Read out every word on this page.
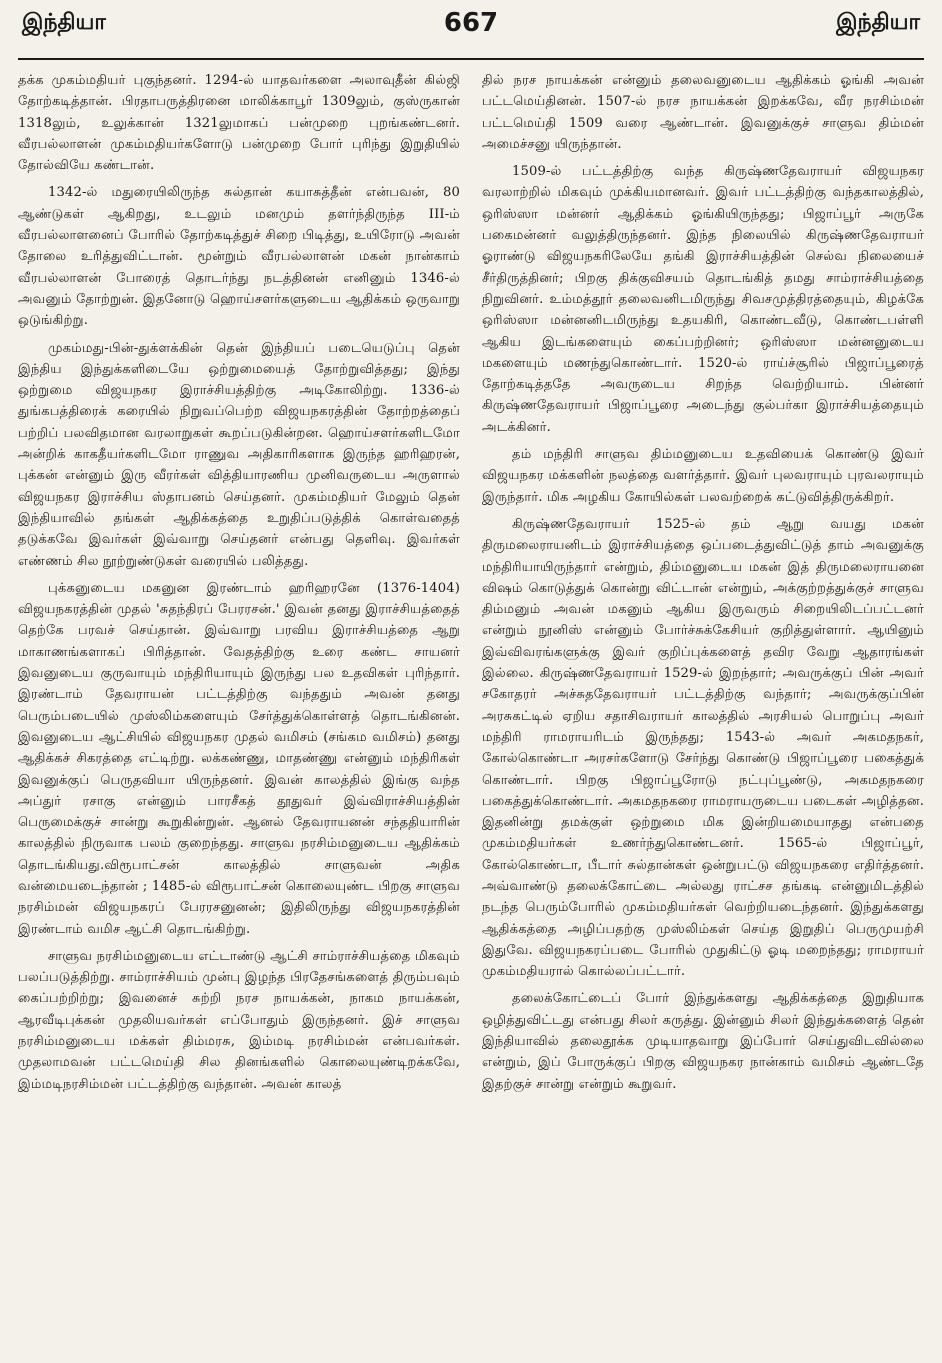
இந்தியா	667	இந்தியா

தக்க முகம்மதியர் புகுந்தனர். 1294-ல் யாதவர்களை அலாவுதீன் கில்ஜி தோற்கடித்தான். பிரதாபருத்திரனை மாலிக்காபூர் 1309லும், குஸ்ருகான் 1318லும், உலுக்கான் 1321லுமாகப் பன்முறை புறங்கண்டனர். வீரபல்லாளன் முகம்மதியர்களோடு பன்முறை போர் புரிந்து இறுதியில் தோல்வியே கண்டான்.

1342-ல் மதுரையிலிருந்த சுல்தான் கயாசுத்தீன் என்பவன், 80 ஆண்டுகள் ஆகிறது, உடலும் மனமும் தளர்ந்திருந்த III-ம் வீரபல்லாளனைப் போரில் தோற்கடித்துச் சிறை பிடித்து, உயிரோடு அவன் தோலை உரித்துவிட்டான். மூன்றும் வீரபல்லாளன் மகன் நான்காம் வீரபல்லாளன் போரைத் தொடர்ந்து நடத்தினன் எனினும் 1346-ல் அவனும் தோற்றுன். இதனோடு ஹொய்சளர்களுடைய ஆதிக்கம் ஒருவாறு ஒடுங்கிற்று.

முகம்மது-பின்-துக்ளக்கின் தென் இந்தியப் படையெடுப்பு தென் இந்திய இந்துக்களிடையே ஒற்றுமையைத் தோற்றுவித்தது; இந்து ஒற்றுமை விஜயநகர இராச்சியத்திற்கு அடிகோலிற்று. 1336-ல் துங்கபத்திரைக் கரையில் நிறுவப்பெற்ற விஜயநகரத்தின் தோற்றத்தைப் பற்றிப் பலவிதமான வரலாறுகள் கூறப்படுகின்றன. ஹொய்சளர்களிடமோ அன்றிக் காகதீயர்களிடமோ ராணுவ அதிகாரிகளாக இருந்த ஹரிஹரன், புக்கன் என்னும் இரு வீரர்கள் வித்தியாரணிய முனிவருடைய அருளால் விஜயநகர இராச்சிய ஸ்தாபனம் செய்தனர். முகம்மதியர் மேலும் தென் இந்தியாவில் தங்கள் ஆதிக்கத்தை உறுதிப்படுத்திக் கொள்வதைத் தடுக்கவே இவர்கள் இவ்வாறு செய்தனர் என்பது தெளிவு. இவர்கள் எண்ணம் சில நூற்றுண்டுகள் வரையில் பலித்தது.

புக்கனுடைய மகனுன இரண்டாம் ஹரிஹரனே (1376-1404) விஜயநகரத்தின் முதல் 'சுதந்திரப் பேரரசன்.' இவன் தனது இராச்சியத்தைத் தெற்கே பரவச் செய்தான். இவ்வாறு பரவிய இராச்சியத்தை ஆறு மாகாணங்களாகப் பிரித்தான். வேதத்திற்கு உரை கண்ட சாயனர் இவனுடைய குருவாயும் மந்திரியாயும் இருந்து பல உதவிகள் புரிந்தார். இரண்டாம் தேவராயன் பட்டத்திற்கு வந்ததும் அவன் தனது பெரும்படையில் முஸ்லிம்களையும் சேர்த்துக்கொள்ளத் தொடங்கினன். இவனுடைய ஆட்சியில் விஜயநகர முதல் வமிசம் (சங்கம வமிசம்) தனது ஆதிக்கச் சிகரத்தை எட்டிற்று. லக்கண்ணு, மாதண்ணு என்னும் மந்திரிகள் இவனுக்குப் பெருதவியா யிருந்தனர். இவன் காலத்தில் இங்கு வந்த அப்துர் ரசாகு என்னும் பாரசீகத் தூதுவர் இவ்விராச்சியத்தின் பெருமைக்குச் சான்று கூறுகின்றுன். ஆனல் தேவராயனன் சந்ததியாரின் காலத்தில் நிருவாக பலம் குறைந்தது. சாளுவ நரசிம்மனுடைய ஆதிக்கம் தொடங்கியது.விரூபாட்சன் காலத்தில் சாளுவன் அதிக வன்மையடைந்தான் ; 1485-ல் விரூபாட்சன் கொலையுண்ட பிறகு சாளுவ நரசிம்மன் விஜயநகரப் பேரரசனுனன்; இதிலிருந்து விஜயநகரத்தின் இரண்டாம் வமிச ஆட்சி தொடங்கிற்று.

சாளுவ நரசிம்மனுடைய எட்டாண்டு ஆட்சி சாம்ராச்சியத்தை மிகவும் பலப்படுத்திற்று. சாம்ராச்சியம் முன்பு இழந்த பிரதேசங்களைத் திரும்பவும் கைப்பற்றிற்று; இவனைச் சுற்றி நரச நாயக்கன், நாகம நாயக்கன், ஆரவீடிபுக்கன் முதலியவர்கள் எப்போதும் இருந்தனர். இச் சாளுவ நரசிம்மனுடைய மக்கள் திம்மரசு, இம்மடி நரசிம்மன் என்பவர்கள். முதலாமவன் பட்டமெய்தி சில தினங்களில் கொலையுண்டிறக்கவே, இம்மடிநரசிம்மன் பட்டத்திற்கு வந்தான். அவன் காலத்

தில் நரச நாயக்கன் என்னும் தலைவனுடைய ஆதிக்கம் ஓங்கி அவன் பட்டமெய்தினன். 1507-ல் நரச நாயக்கன் இறக்கவே, வீர நரசிம்மன் பட்டமெய்தி 1509 வரை ஆண்டான். இவனுக்குச் சாளுவ திம்மன் அமைச்சனு யிருந்தான்.

1509-ல் பட்டத்திற்கு வந்த கிருஷ்ணதேவராயர் விஜயநகர வரலாற்றில் மிகவும் முக்கியமானவர். இவர் பட்டத்திற்கு வந்தகாலத்தில், ஒரிஸ்ஸா மன்னர் ஆதிக்கம் ஓங்கியிருந்தது; பிஜாப்பூர் அருகே பகைமன்னர் வலுத்திருந்தனர். இந்த நிலையில் கிருஷ்ணதேவராயர் ஓராண்டு விஜயநகரிலேயே தங்கி இராச்சியத்தின் செல்வ நிலையைச் சீர்திருத்தினர்; பிறகு திக்குவிசயம் தொடங்கித் தமது சாம்ராச்சியத்தை நிறுவினர். உம்மத்தூர் தலைவனிடமிருந்து சிவசமுத்திரத்தையும், கிழக்கே ஒரிஸ்ஸா மன்னனிடமிருந்து உதயகிரி, கொண்டவீடு, கொண்டபள்ளி ஆகிய இடங்களையும் கைப்பற்றினர்; ஒரிஸ்ஸா மன்னனுடைய மகளையும் மணந்துகொண்டார். 1520-ல் ராய்ச்சூரில் பிஜாப்பூரைத் தோற்கடித்ததே அவருடைய சிறந்த வெற்றியாம். பின்னர் கிருஷ்ணதேவராயர் பிஜாப்பூரை அடைந்து குல்பர்கா இராச்சியத்தையும் அடக்கினர்.

தம் மந்திரி சாளுவ திம்மனுடைய உதவியைக் கொண்டு இவர் விஜயநகர மக்களின் நலத்தை வளர்த்தார். இவர் புலவராயும் புரவலராயும் இருந்தார். மிக அழகிய கோயில்கள் பலவற்றைக் கட்டுவித்திருக்கிறர்.

கிருஷ்ணதேவராயர் 1525-ல் தம் ஆறு வயது மகன் திருமலைராயனிடம் இராச்சியத்தை ஒப்படைத்துவிட்டுத் தாம் அவனுக்கு மந்திரியாயிருந்தார் என்றும், திம்மனுடைய மகன் இத் திருமலைராயனை விஷம் கொடுத்துக் கொன்று விட்டான் என்றும், அக்குற்றத்துக்குச் சாளுவ திம்மனும் அவன் மகனும் ஆகிய இருவரும் சிறையிலிடப்பட்டனர் என்றும் நூனிஸ் என்னும் போர்ச்சுக்கேசியர் குறித்துள்ளார். ஆயினும் இவ்விவரங்களுக்கு இவர் குறிப்புக்களைத் தவிர வேறு ஆதாரங்கள் இல்லை. கிருஷ்ணதேவராயர் 1529-ல் இறந்தார்; அவருக்குப் பின் அவர் சகோதரர் அச்சுததேவராயர் பட்டத்திற்கு வந்தார்; அவருக்குப்பின் அரசுகட்டில் ஏறிய சதாசிவராயர் காலத்தில் அரசியல் பொறுப்பு அவர் மந்திரி ராமராயரிடம் இருந்தது; 1543-ல் அவர் அகமதநகர், கோல்கொண்டா அரசர்களோடு சேர்ந்து கொண்டு பிஜாப்பூரை பகைத்துக் கொண்டார். பிறகு பிஜாப்பூரோடு நட்புப்பூண்டு, அகமதநகரை பகைத்துக்கொண்டார். அகமதநகரை ராமராயருடைய படைகள் அழித்தன. இதனின்று தமக்குள் ஒற்றுமை மிக இன்றியமையாதது என்பதை முகம்மதியர்கள் உணர்ந்துகொண்டனர். 1565-ல் பிஜாப்பூர், கோல்கொண்டா, பீடார் சுல்தான்கள் ஒன்றுபட்டு விஜயநகரை எதிர்த்தனர். அவ்வாண்டு தலைக்கோட்டை அல்லது ராட்சச தங்கடி என்னுமிடத்தில் நடந்த பெரும்போரில் முகம்மதியர்கள் வெற்றியடைந்தனர். இந்துக்களது ஆதிக்கத்தை அழிப்பதற்கு முஸ்லிம்கள் செய்த இறுதிப் பெருமுயற்சி இதுவே. விஜயநகரப்படை போரில் முதுகிட்டு ஓடி மறைந்தது; ராமராயர் முகம்மதியரால் கொல்லப்பட்டார்.

தலைக்கோட்டைப் போர் இந்துக்களது ஆதிக்கத்தை இறுதியாக ஒழித்துவிட்டது என்பது சிலர் கருத்து. இன்னும் சிலர் இந்துக்களைத் தென் இந்தியாவில் தலைதூக்க முடியாதவாறு இப்போர் செய்துவிடவில்லை என்றும், இப் போருக்குப் பிறகு விஜயநகர நான்காம் வமிசம் ஆண்டதே இதற்குச் சான்று என்றும் கூறுவர்.
